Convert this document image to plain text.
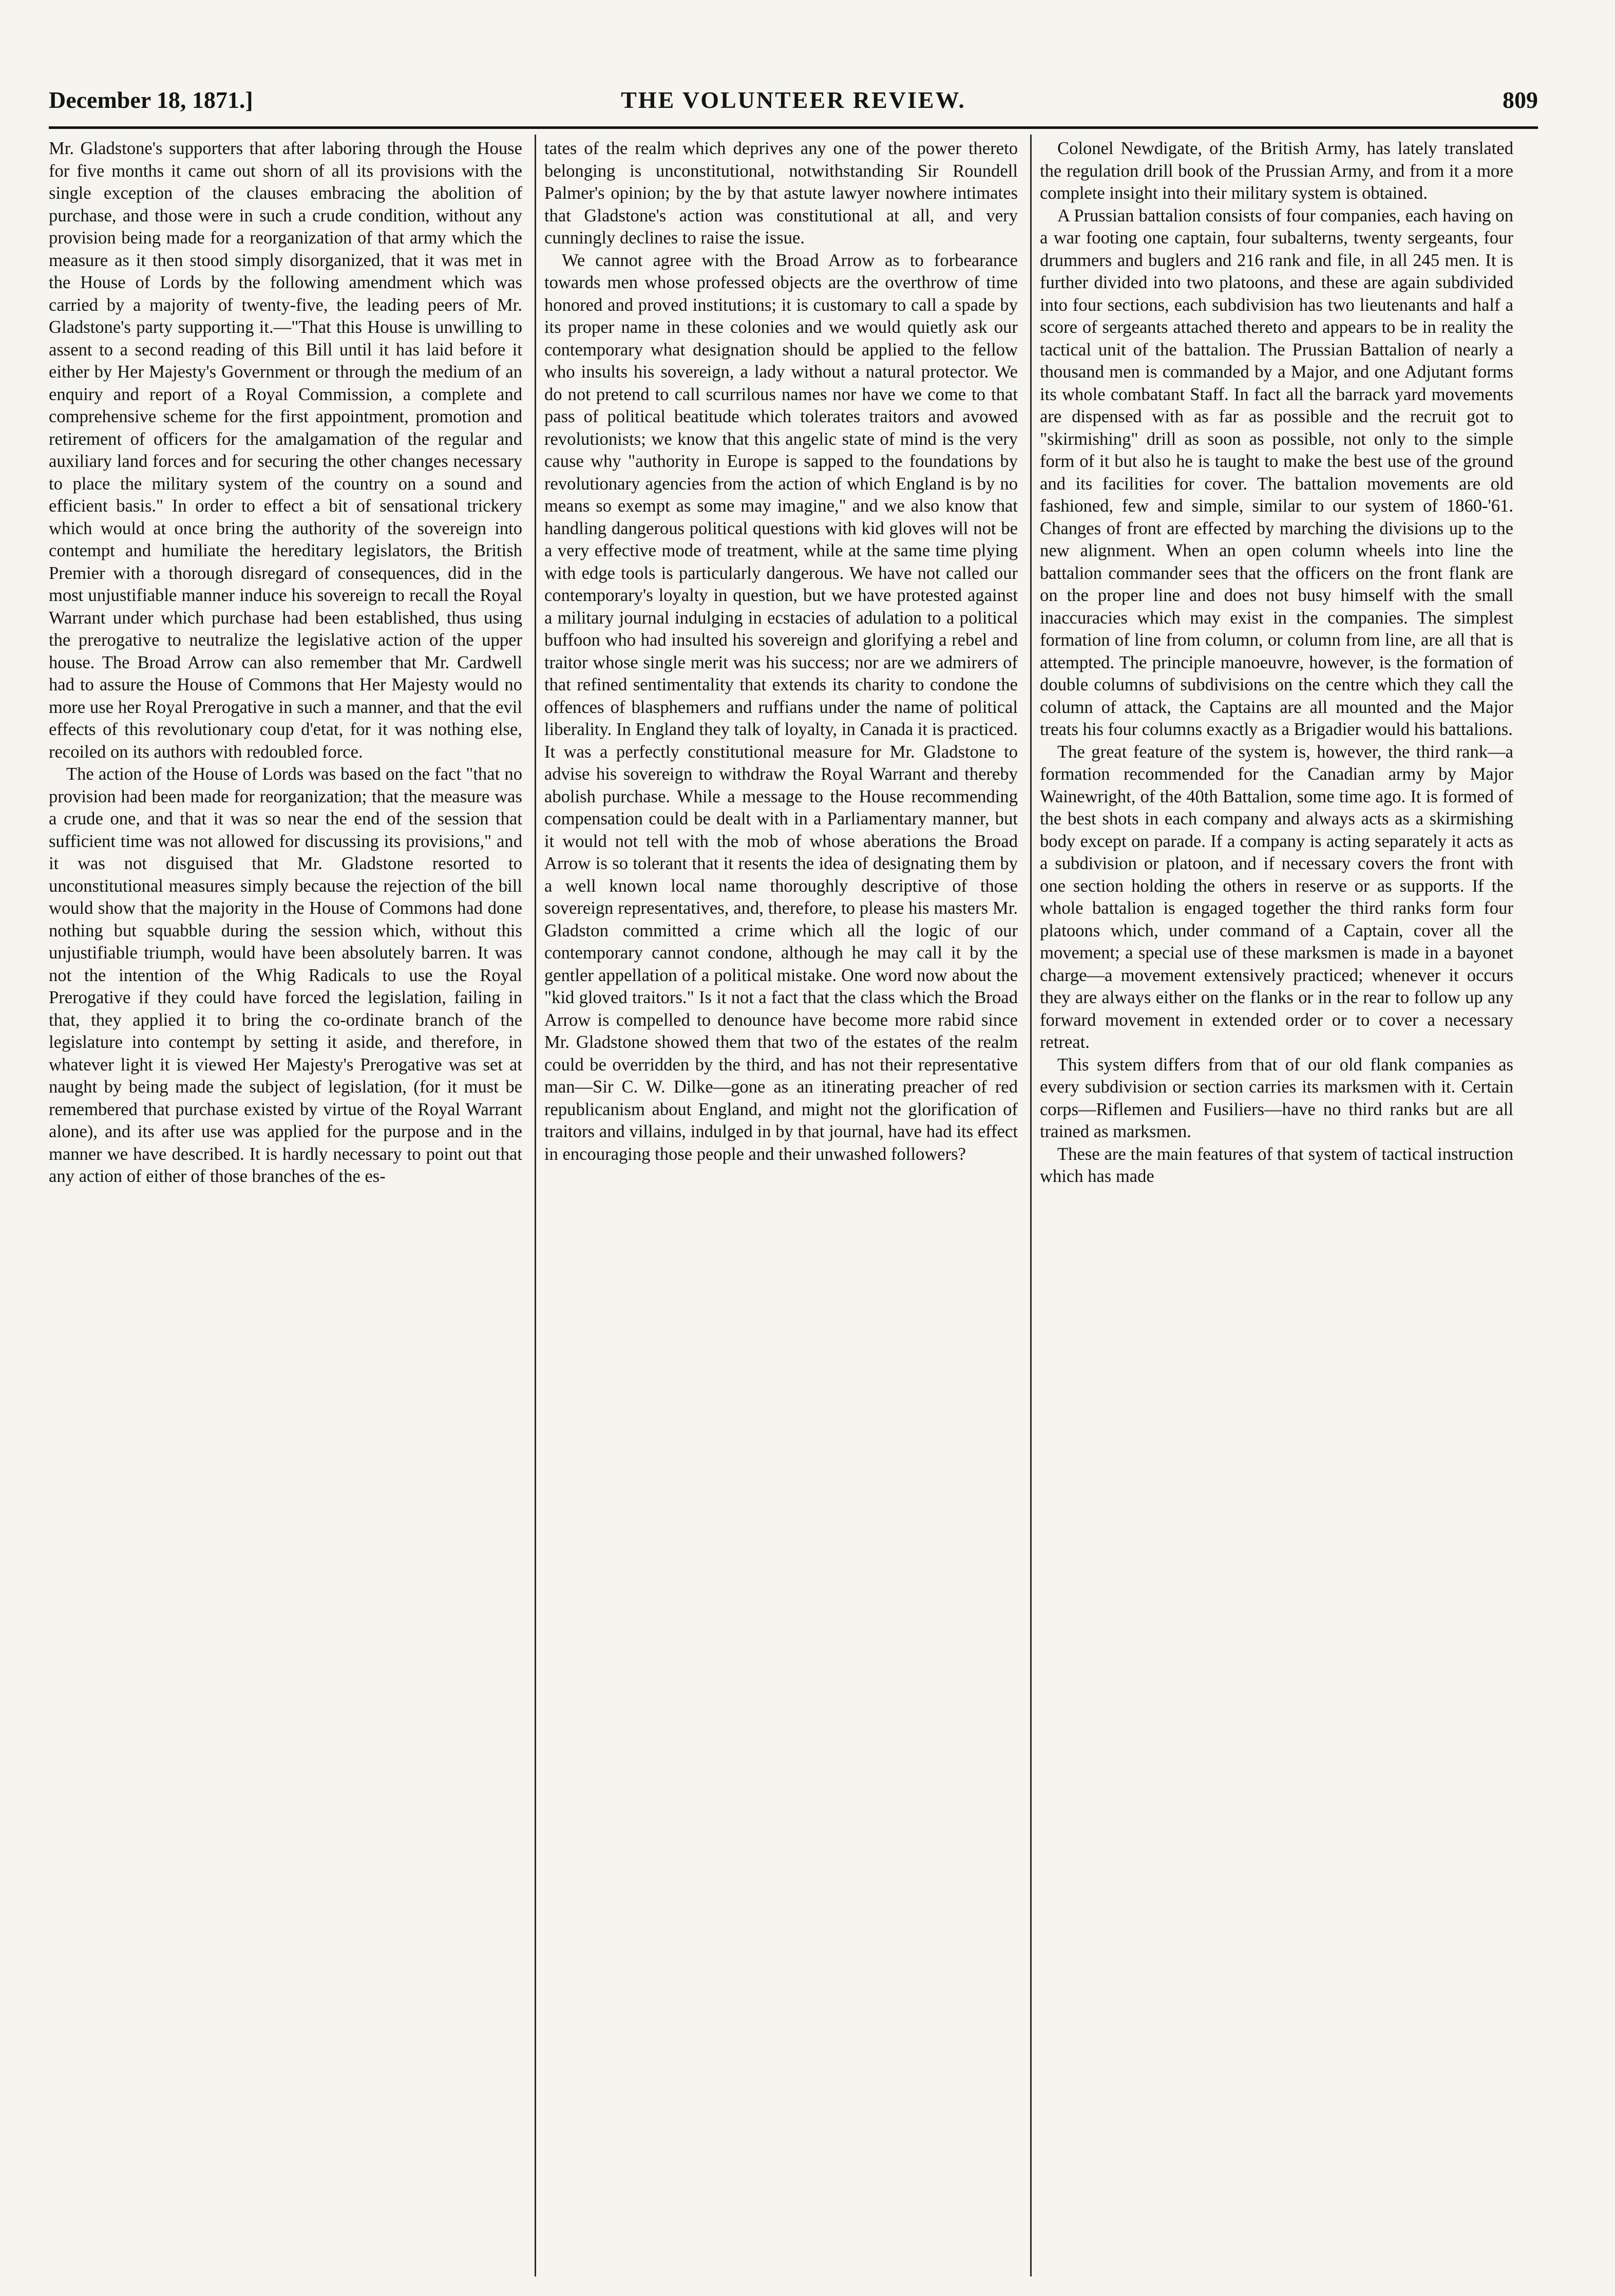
December 18, 1871.]	THE VOLUNTEER REVIEW.	809

Mr. Gladstone's supporters that after laboring through the House for five months it came out shorn of all its provisions with the single exception of the clauses embracing the abolition of purchase, and those were in such a crude condition, without any provision being made for a reorganization of that army which the measure as it then stood simply disorganized, that it was met in the House of Lords by the following amendment which was carried by a majority of twenty-five, the leading peers of Mr. Gladstone's party supporting it.—"That this House is unwilling to assent to a second reading of this Bill until it has laid before it either by Her Majesty's Government or through the medium of an enquiry and report of a Royal Commission, a complete and comprehensive scheme for the first appointment, promotion and retirement of officers for the amalgamation of the regular and auxiliary land forces and for securing the other changes necessary to place the military system of the country on a sound and efficient basis." In order to effect a bit of sensational trickery which would at once bring the authority of the sovereign into contempt and humiliate the hereditary legislators, the British Premier with a thorough disregard of consequences, did in the most unjustifiable manner induce his sovereign to recall the Royal Warrant under which purchase had been established, thus using the prerogative to neutralize the legislative action of the upper house. The Broad Arrow can also remember that Mr. Cardwell had to assure the House of Commons that Her Majesty would no more use her Royal Prerogative in such a manner, and that the evil effects of this revolutionary coup d'etat, for it was nothing else, recoiled on its authors with redoubled force.

The action of the House of Lords was based on the fact "that no provision had been made for reorganization; that the measure was a crude one, and that it was so near the end of the session that sufficient time was not allowed for discussing its provisions," and it was not disguised that Mr. Gladstone resorted to unconstitutional measures simply because the rejection of the bill would show that the majority in the House of Commons had done nothing but squabble during the session which, without this unjustifiable triumph, would have been absolutely barren. It was not the intention of the Whig Radicals to use the Royal Prerogative if they could have forced the legislation, failing in that, they applied it to bring the co-ordinate branch of the legislature into contempt by setting it aside, and therefore, in whatever light it is viewed Her Majesty's Prerogative was set at naught by being made the subject of legislation, (for it must be remembered that purchase existed by virtue of the Royal Warrant alone), and its after use was applied for the purpose and in the manner we have described. It is hardly necessary to point out that any action of either of those branches of the es-

tates of the realm which deprives any one of the power thereto belonging is unconstitutional, notwithstanding Sir Roundell Palmer's opinion; by the by that astute lawyer nowhere intimates that Gladstone's action was constitutional at all, and very cunningly declines to raise the issue.

We cannot agree with the Broad Arrow as to forbearance towards men whose professed objects are the overthrow of time honored and proved institutions; it is customary to call a spade by its proper name in these colonies and we would quietly ask our contemporary what designation should be applied to the fellow who insults his sovereign, a lady without a natural protector. We do not pretend to call scurrilous names nor have we come to that pass of political beatitude which tolerates traitors and avowed revolutionists; we know that this angelic state of mind is the very cause why "authority in Europe is sapped to the foundations by revolutionary agencies from the action of which England is by no means so exempt as some may imagine," and we also know that handling dangerous political questions with kid gloves will not be a very effective mode of treatment, while at the same time plying with edge tools is particularly dangerous. We have not called our contemporary's loyalty in question, but we have protested against a military journal indulging in ecstacies of adulation to a political buffoon who had insulted his sovereign and glorifying a rebel and traitor whose single merit was his success; nor are we admirers of that refined sentimentality that extends its charity to condone the offences of blasphemers and ruffians under the name of political liberality. In England they talk of loyalty, in Canada it is practiced. It was a perfectly constitutional measure for Mr. Gladstone to advise his sovereign to withdraw the Royal Warrant and thereby abolish purchase. While a message to the House recommending compensation could be dealt with in a Parliamentary manner, but it would not tell with the mob of whose aberations the Broad Arrow is so tolerant that it resents the idea of designating them by a well known local name thoroughly descriptive of those sovereign representatives, and, therefore, to please his masters Mr. Gladston committed a crime which all the logic of our contemporary cannot condone, although he may call it by the gentler appellation of a political mistake. One word now about the "kid gloved traitors." Is it not a fact that the class which the Broad Arrow is compelled to denounce have become more rabid since Mr. Gladstone showed them that two of the estates of the realm could be overridden by the third, and has not their representative man—Sir C. W. Dilke—gone as an itinerating preacher of red republicanism about England, and might not the glorification of traitors and villains, indulged in by that journal, have had its effect in encouraging those people and their unwashed followers?

Colonel Newdigate, of the British Army, has lately translated the regulation drill book of the Prussian Army, and from it a more complete insight into their military system is obtained.

A Prussian battalion consists of four companies, each having on a war footing one captain, four subalterns, twenty sergeants, four drummers and buglers and 216 rank and file, in all 245 men. It is further divided into two platoons, and these are again subdivided into four sections, each subdivision has two lieutenants and half a score of sergeants attached thereto and appears to be in reality the tactical unit of the battalion. The Prussian Battalion of nearly a thousand men is commanded by a Major, and one Adjutant forms its whole combatant Staff. In fact all the barrack yard movements are dispensed with as far as possible and the recruit got to "skirmishing" drill as soon as possible, not only to the simple form of it but also he is taught to make the best use of the ground and its facilities for cover. The battalion movements are old fashioned, few and simple, similar to our system of 1860-'61. Changes of front are effected by marching the divisions up to the new alignment. When an open column wheels into line the battalion commander sees that the officers on the front flank are on the proper line and does not busy himself with the small inaccuracies which may exist in the companies. The simplest formation of line from column, or column from line, are all that is attempted. The principle manoeuvre, however, is the formation of double columns of subdivisions on the centre which they call the column of attack, the Captains are all mounted and the Major treats his four columns exactly as a Brigadier would his battalions.

The great feature of the system is, however, the third rank—a formation recommended for the Canadian army by Major Wainewright, of the 40th Battalion, some time ago. It is formed of the best shots in each company and always acts as a skirmishing body except on parade. If a company is acting separately it acts as a subdivision or platoon, and if necessary covers the front with one section holding the others in reserve or as supports. If the whole battalion is engaged together the third ranks form four platoons which, under command of a Captain, cover all the movement; a special use of these marksmen is made in a bayonet charge—a movement extensively practiced; whenever it occurs they are always either on the flanks or in the rear to follow up any forward movement in extended order or to cover a necessary retreat.

This system differs from that of our old flank companies as every subdivision or section carries its marksmen with it. Certain corps—Riflemen and Fusiliers—have no third ranks but are all trained as marksmen.

These are the main features of that system of tactical instruction which has made
